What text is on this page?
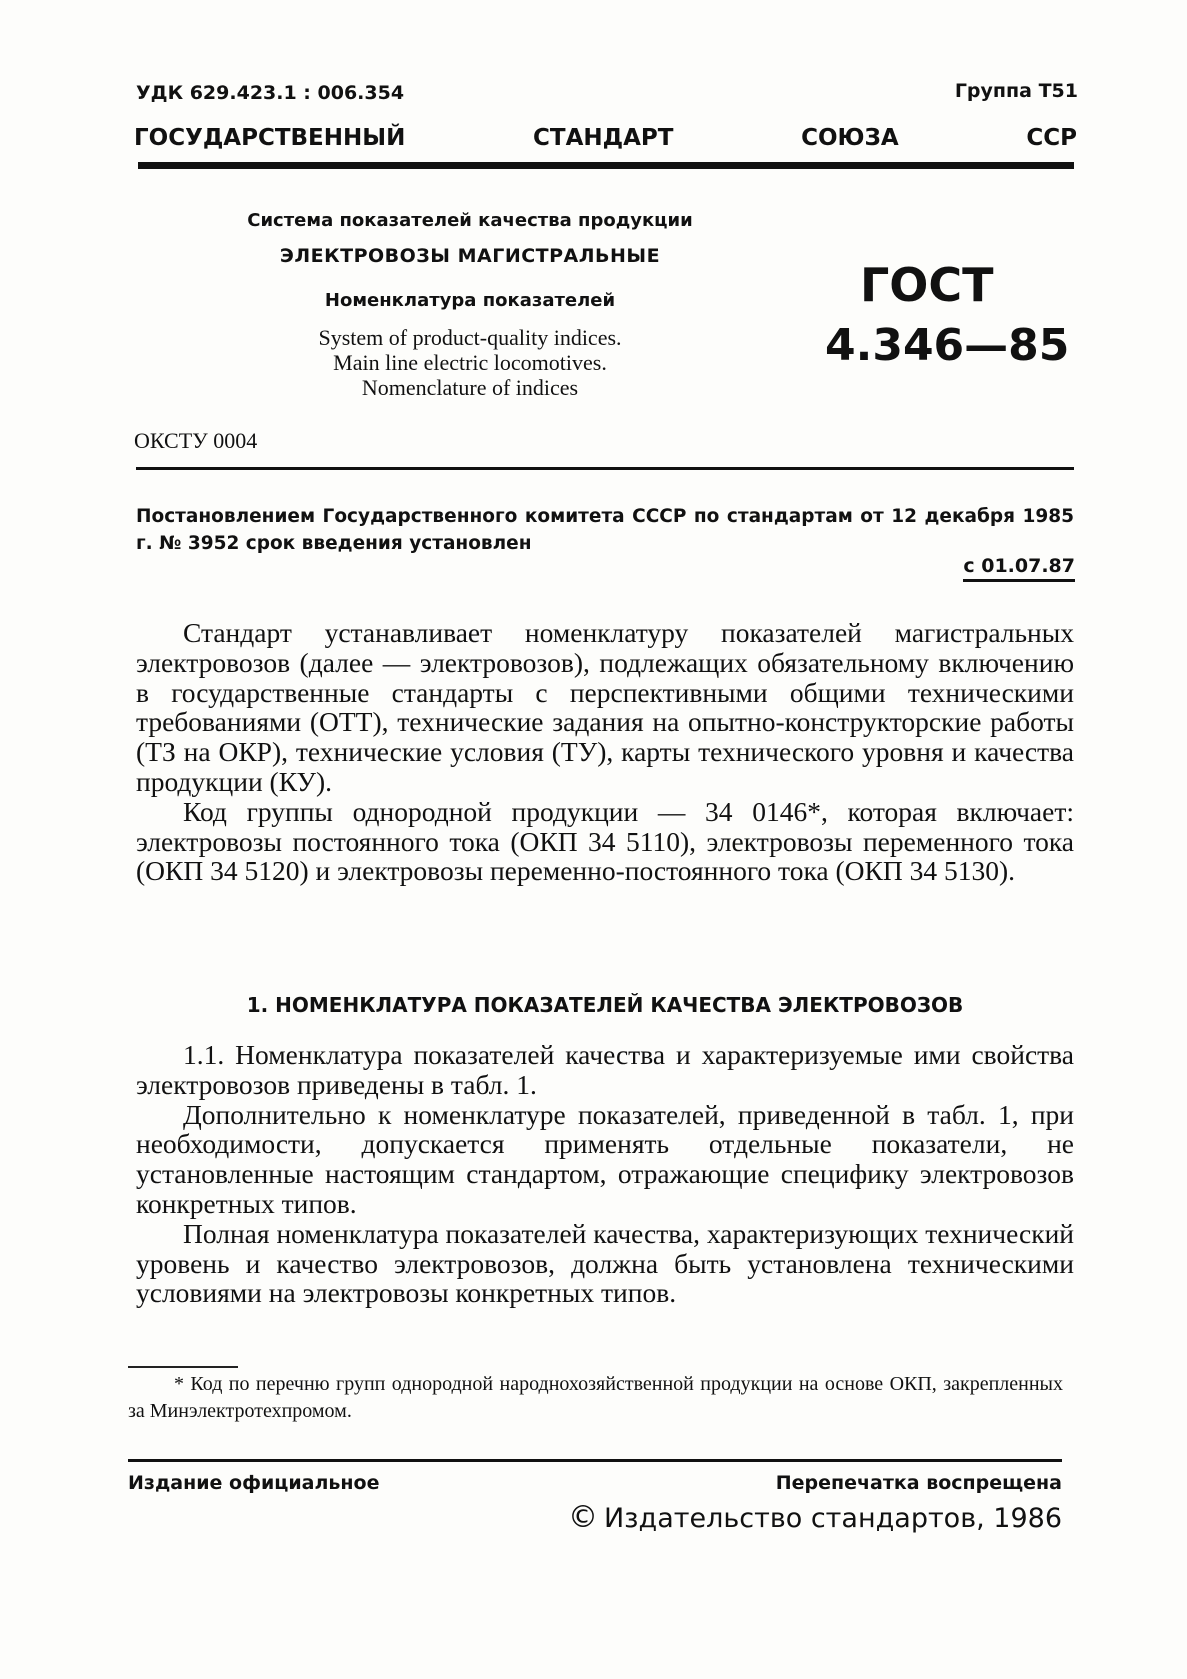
УДК 629.423.1 : 006.354	Группа Т51
ГОСУДАРСТВЕННЫЙ	СТАНДАРТ	СОЮЗА	ССР
Система показателей качества продукции
ЭЛЕКТРОВОЗЫ МАГИСТРАЛЬНЫЕ
Номенклатура показателей
System of product-quality indices.
Main line electric locomotives.
Nomenclature of indices
ГОСТ
4.346—85
ОКСТУ 0004
Постановлением Государственного комитета СССР по стандартам от 12 декабря 1985 г. № 3952 срок введения установлен
с 01.07.87

Стандарт устанавливает номенклатуру показателей магистральных электровозов (далее — электровозов), подлежащих обязательному включению в государственные стандарты с перспективными общими техническими требованиями (ОТТ), технические задания на опытно-конструкторские работы (ТЗ на ОКР), технические условия (ТУ), карты технического уровня и качества продукции (КУ).

Код группы однородной продукции — 34 0146*, которая включает: электровозы постоянного тока (ОКП 34 5110), электровозы переменного тока (ОКП 34 5120) и электровозы переменно-постоянного тока (ОКП 34 5130).

1. НОМЕНКЛАТУРА ПОКАЗАТЕЛЕЙ КАЧЕСТВА ЭЛЕКТРОВОЗОВ

1.1. Номенклатура показателей качества и характеризуемые ими свойства электровозов приведены в табл. 1.

Дополнительно к номенклатуре показателей, приведенной в табл. 1, при необходимости, допускается применять отдельные показатели, не установленные настоящим стандартом, отражающие специфику электровозов конкретных типов.

Полная номенклатура показателей качества, характеризующих технический уровень и качество электровозов, должна быть установлена техническими условиями на электровозы конкретных типов.

* Код по перечню групп однородной народнохозяйственной продукции на основе ОКП, закрепленных за Минэлектротехпромом.
Издание официальное	Перепечатка воспрещена
© Издательство стандартов, 1986
